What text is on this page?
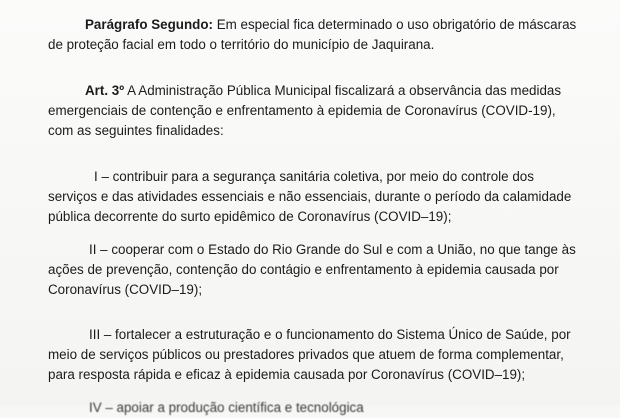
Parágrafo Segundo: Em especial fica determinado o uso obrigatório de máscaras

de proteção facial em todo o território do município de Jaquirana.

Art. 3º A Administração Pública Municipal fiscalizará a observância das medidas

emergenciais de contenção e enfrentamento à epidemia de Coronavírus (COVID-19),

com as seguintes finalidades:

I – contribuir para a segurança sanitária coletiva, por meio do controle dos

serviços e das atividades essenciais e não essenciais, durante o período da calamidade

pública decorrente do surto epidêmico de Coronavírus (COVID–19);

II – cooperar com o Estado do Rio Grande do Sul e com a União, no que tange às

ações de prevenção, contenção do contágio e enfrentamento à epidemia causada por

Coronavírus (COVID–19);

III – fortalecer a estruturação e o funcionamento do Sistema Único de Saúde, por

meio de serviços públicos ou prestadores privados que atuem de forma complementar,

para resposta rápida e eficaz à epidemia causada por Coronavírus (COVID–19);

IV – apoiar a produção científica e tecnológica
